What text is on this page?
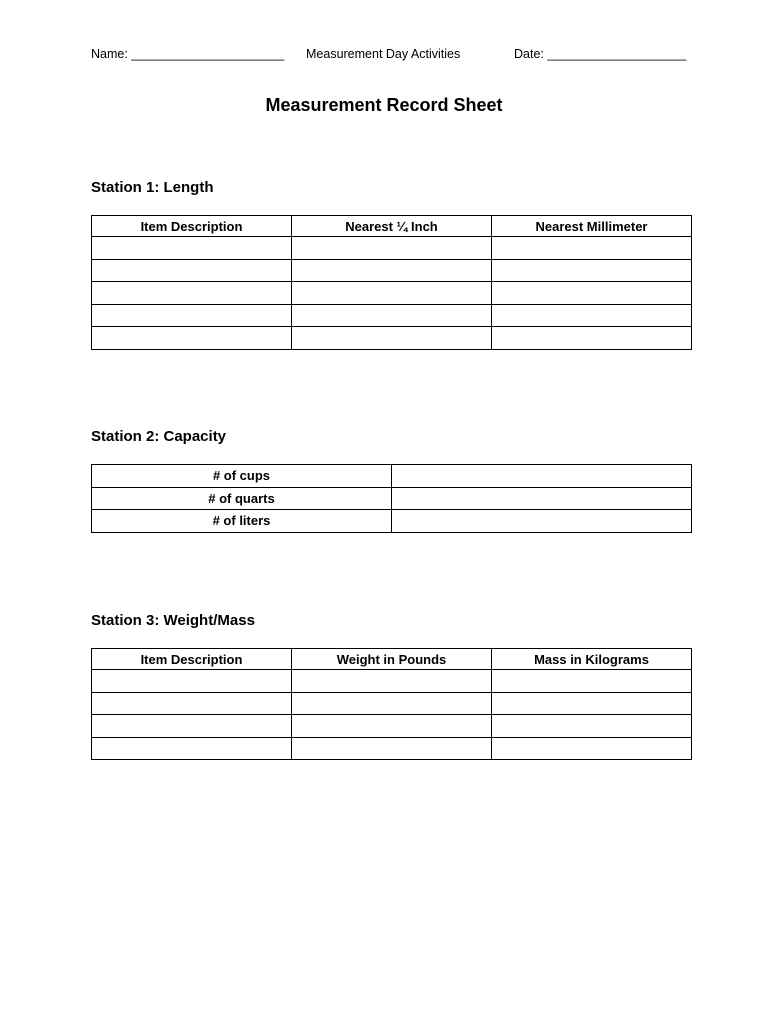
Name: ______________________ Measurement Day Activities	Date: ____________________
Measurement Record Sheet
Station 1: Length
Item Description	Nearest ¼ Inch	Nearest Millimeter

Station 2: Capacity
# of cups	
# of quarts	
# of liters	
Station 3: Weight/Mass
Item Description	Weight in Pounds	Mass in Kilograms
